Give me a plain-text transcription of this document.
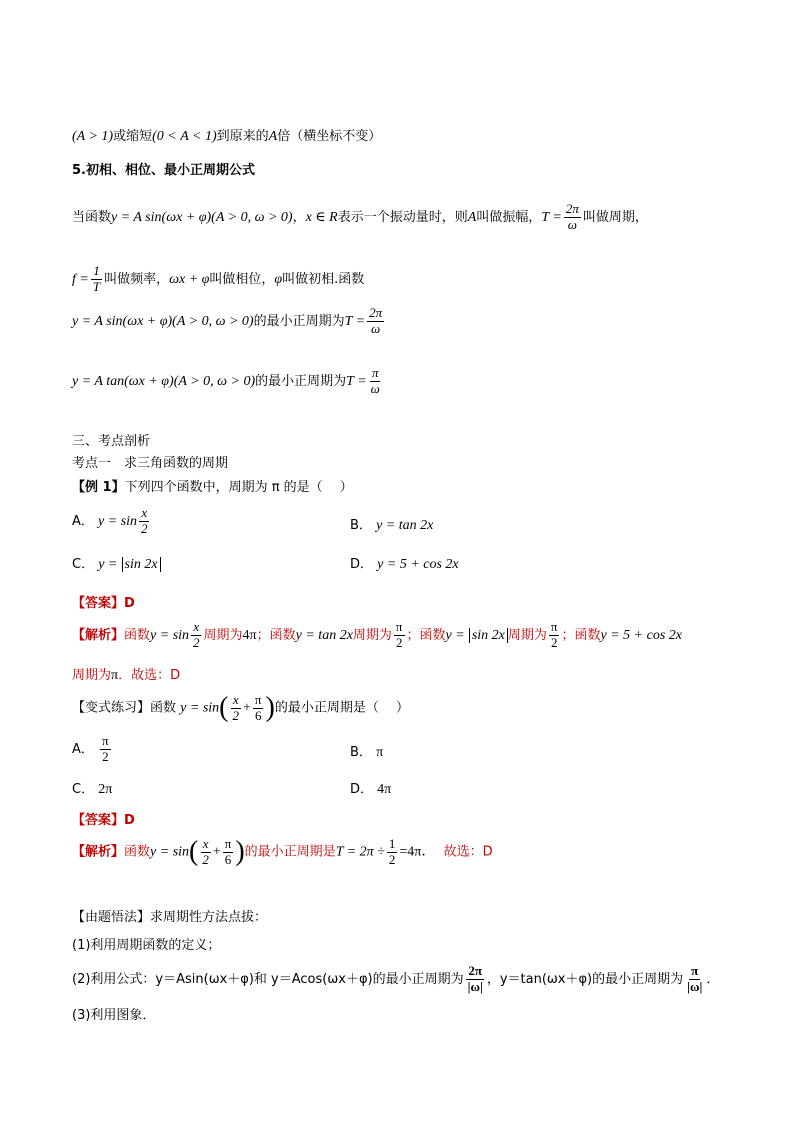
(A > 1)或缩短(0 < A < 1)到原来的A倍（横坐标不变）
5.初相、相位、最小正周期公式
当函数y = A sin(ωx + φ)(A > 0, ω > 0)，x ∈ R表示一个振动量时，则A叫做振幅，$T = \frac{2\pi}{\omega}$ 叫做周期，
$f = \frac{1}{T}$ 叫做频率，ωx + φ叫做相位，φ叫做初相.函数
y = A sin(ωx + φ)(A > 0, ω > 0)的最小正周期为$T = \frac{2\pi}{\omega}$
y = A tan(ωx + φ)(A > 0, ω > 0)的最小正周期为$T = \frac{\pi}{\omega}$
三、考点剖析
考点一　求三角函数的周期
【例 1】下列四个函数中，周期为 π 的是（　 ）
A． $y = \sin \frac{x}{2}$	B． y = tan 2x
C． y = sin 2x	D． y = 5 + cos 2x
【答案】D
【解析】函数$y = \sin \frac{x}{2}$ 周期为4π；函数y = tan 2x周期为 $\frac{\pi}{2}$ ；函数y = sin 2x 周期为 $\frac{\pi}{2}$ ；函数y = 5 + cos 2x
周期为π．故选：D
【变式练习】函数 $y = \sin( \frac{x}{2} + \frac{\pi}{6}$ )的最小正周期是（　 ）
A． $\frac{\pi}{2}$	B． π
C． 2π	D． 4π
【答案】D
【解析】函数$y = \sin( \frac{x}{2} + \frac{\pi}{6}$ )的最小正周期是$T = 2\pi \div \frac{1}{2} =4\pi$． 故选：D
【由题悟法】求周期性方法点拔：
(1)利用周期函数的定义；
(2)利用公式：y＝Asin(ωx＋φ)和 y＝Acos(ωx＋φ)的最小正周期为 $\frac{2\pi}{|\omega|}$ ，y＝tan(ωx＋φ)的最小正周期为 $\frac{\pi}{|\omega|}$ ．
(3)利用图象．
